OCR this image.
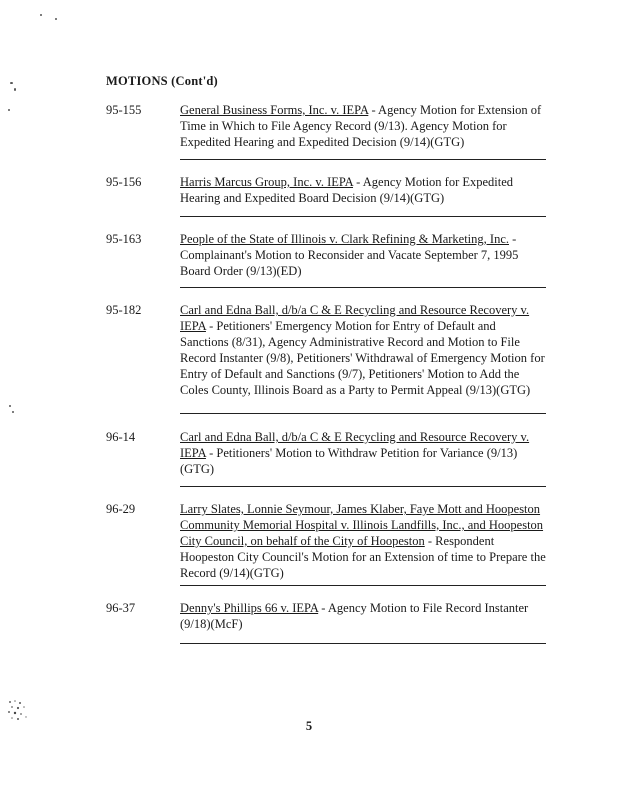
MOTIONS (Cont'd)
95-155	General Business Forms, Inc. v. IEPA - Agency Motion for Extension of Time in Which to File Agency Record (9/13). Agency Motion for Expedited Hearing and Expedited Decision (9/14)(GTG)
95-156	Harris Marcus Group, Inc. v. IEPA - Agency Motion for Expedited Hearing and Expedited Board Decision (9/14)(GTG)
95-163	People of the State of Illinois v. Clark Refining & Marketing, Inc. - Complainant's Motion to Reconsider and Vacate September 7, 1995 Board Order (9/13)(ED)
95-182	Carl and Edna Ball, d/b/a C & E Recycling and Resource Recovery v. IEPA - Petitioners' Emergency Motion for Entry of Default and Sanctions (8/31), Agency Administrative Record and Motion to File Record Instanter (9/8), Petitioners' Withdrawal of Emergency Motion for Entry of Default and Sanctions (9/7), Petitioners' Motion to Add the Coles County, Illinois Board as a Party to Permit Appeal (9/13)(GTG)
96-14	Carl and Edna Ball, d/b/a C & E Recycling and Resource Recovery v. IEPA - Petitioners' Motion to Withdraw Petition for Variance (9/13)(GTG)
96-29	Larry Slates, Lonnie Seymour, James Klaber, Faye Mott and Hoopeston Community Memorial Hospital v. Illinois Landfills, Inc., and Hoopeston City Council, on behalf of the City of Hoopeston - Respondent Hoopeston City Council's Motion for an Extension of time to Prepare the Record (9/14)(GTG)
96-37	Denny's Phillips 66 v. IEPA - Agency Motion to File Record Instanter (9/18)(McF)
5
